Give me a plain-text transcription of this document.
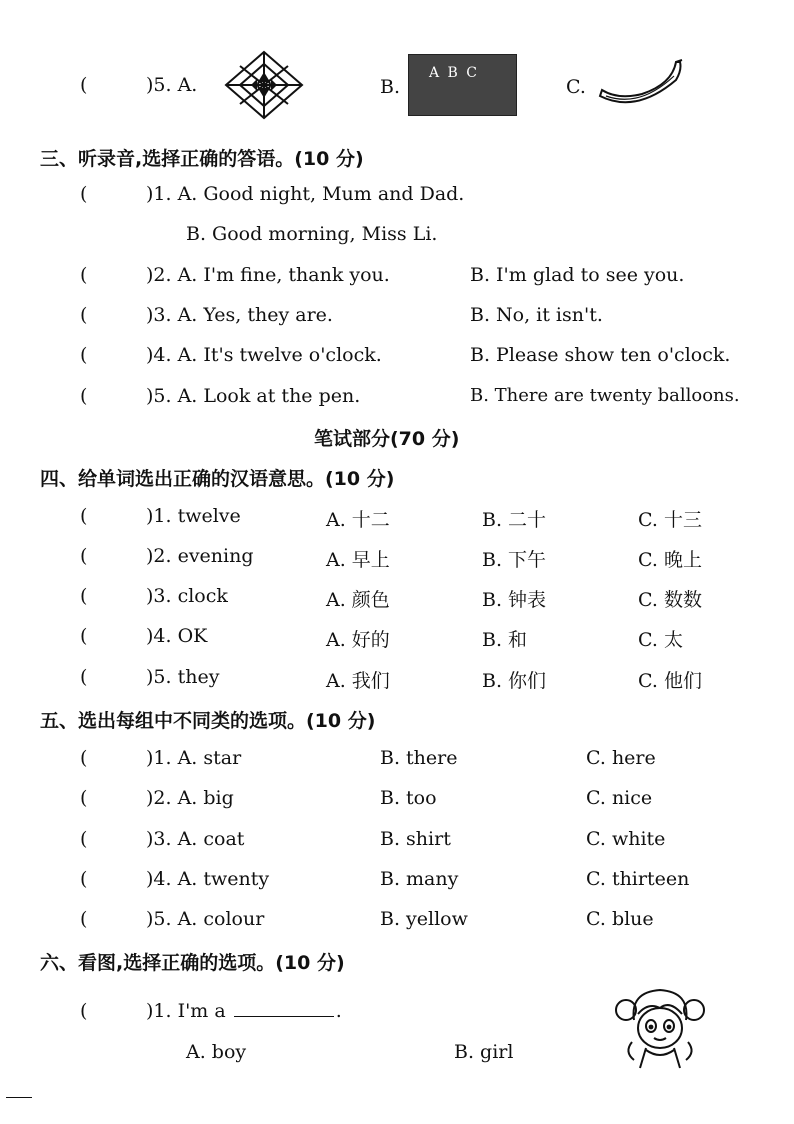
(	)5. A.	B.
A B C
C.
三、听录音,选择正确的答语。(10 分)
(	)1. A. Good night, Mum and Dad.
B. Good morning, Miss Li.
(	)2. A. I'm fine, thank you.	B. I'm glad to see you.
(	)3. A. Yes, they are.	B. No, it isn't.
(	)4. A. It's twelve o'clock.	B. Please show ten o'clock.
(	)5. A. Look at the pen.	B. There are twenty balloons.
笔试部分(70 分)
四、给单词选出正确的汉语意思。(10 分)
(	)1. twelve	A. 十二	B. 二十	C. 十三
(	)2. evening	A. 早上	B. 下午	C. 晚上
(	)3. clock	A. 颜色	B. 钟表	C. 数数
(	)4. OK	A. 好的	B. 和	C. 太
(	)5. they	A. 我们	B. 你们	C. 他们
五、选出每组中不同类的选项。(10 分)
(	)1. A. star	B. there	C. here
(	)2. A. big	B. too	C. nice
(	)3. A. coat	B. shirt	C. white
(	)4. A. twenty	B. many	C. thirteen
(	)5. A. colour	B. yellow	C. blue
六、看图,选择正确的选项。(10 分)
(	)1. I'm a	.
A. boy	B. girl
